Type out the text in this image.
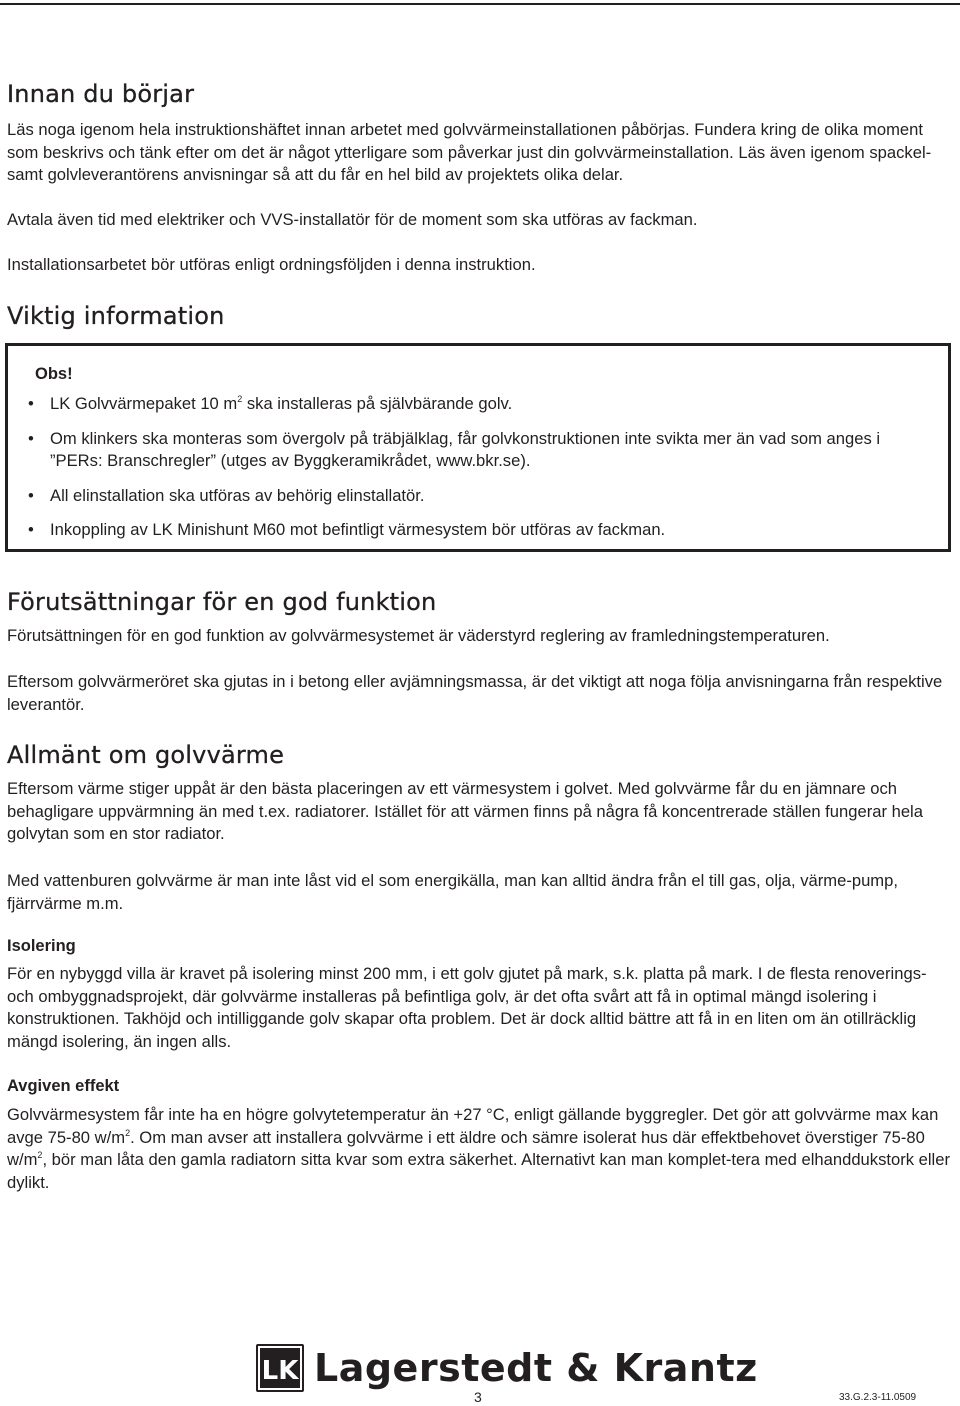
Innan du börjar

Läs noga igenom hela instruktionshäftet innan arbetet med golvvärmeinstallationen påbörjas. Fundera kring de olika moment som beskrivs och tänk efter om det är något ytterligare som påverkar just din golvvärmeinstallation. Läs även igenom spackel- samt golvleverantörens anvisningar så att du får en hel bild av projektets olika delar.

Avtala även tid med elektriker och VVS-installatör för de moment som ska utföras av fackman.

Installationsarbetet bör utföras enligt ordningsföljden i denna instruktion.

Viktig information
Obs!
• LK Golvvärmepaket 10 $m^2$ ska installeras på självbärande golv.
• Om klinkers ska monteras som övergolv på träbjälklag, får golvkonstruktionen inte svikta mer än vad som anges i ”PERs: Branschregler” (utges av Byggkeramikrådet, www.bkr.se).
• All elinstallation ska utföras av behörig elinstallatör.
• Inkoppling av LK Minishunt M60 mot befintligt värmesystem bör utföras av fackman.
Förutsättningar för en god funktion

Förutsättningen för en god funktion av golvvärmesystemet är väderstyrd reglering av framledningstemperaturen.

Eftersom golvvärmeröret ska gjutas in i betong eller avjämningsmassa, är det viktigt att noga följa anvisningarna från respektive leverantör.

Allmänt om golvvärme

Eftersom värme stiger uppåt är den bästa placeringen av ett värmesystem i golvet. Med golvvärme får du en jämnare och behagligare uppvärmning än med t.ex. radiatorer. Istället för att värmen finns på några få koncentrerade ställen fungerar hela golvytan som en stor radiator.

Med vattenburen golvvärme är man inte låst vid el som energikälla, man kan alltid ändra från el till gas, olja, värme-pump, fjärrvärme m.m.

Isolering

För en nybyggd villa är kravet på isolering minst 200 mm, i ett golv gjutet på mark, s.k. platta på mark. I de flesta renoverings- och ombyggnadsprojekt, där golvvärme installeras på befintliga golv, är det ofta svårt att få in optimal mängd isolering i konstruktionen. Takhöjd och intilliggande golv skapar ofta problem. Det är dock alltid bättre att få in en liten om än otillräcklig mängd isolering, än ingen alls.

Avgiven effekt

Golvvärmesystem får inte ha en högre golvytetemperatur än +27 °C, enligt gällande byggregler. Det gör att golvvärme max kan avge 75-80 $w/m^2$. Om man avser att installera golvvärme i ett äldre och sämre isolerat hus där effektbehovet överstiger 75-80 $w/m^2$, bör man låta den gamla radiatorn sitta kvar som extra säkerhet. Alternativt kan man komplet-tera med elhanddukstork eller dylikt.

LK Lagerstedt & Krantz
3	33.G.2.3-11.0509
